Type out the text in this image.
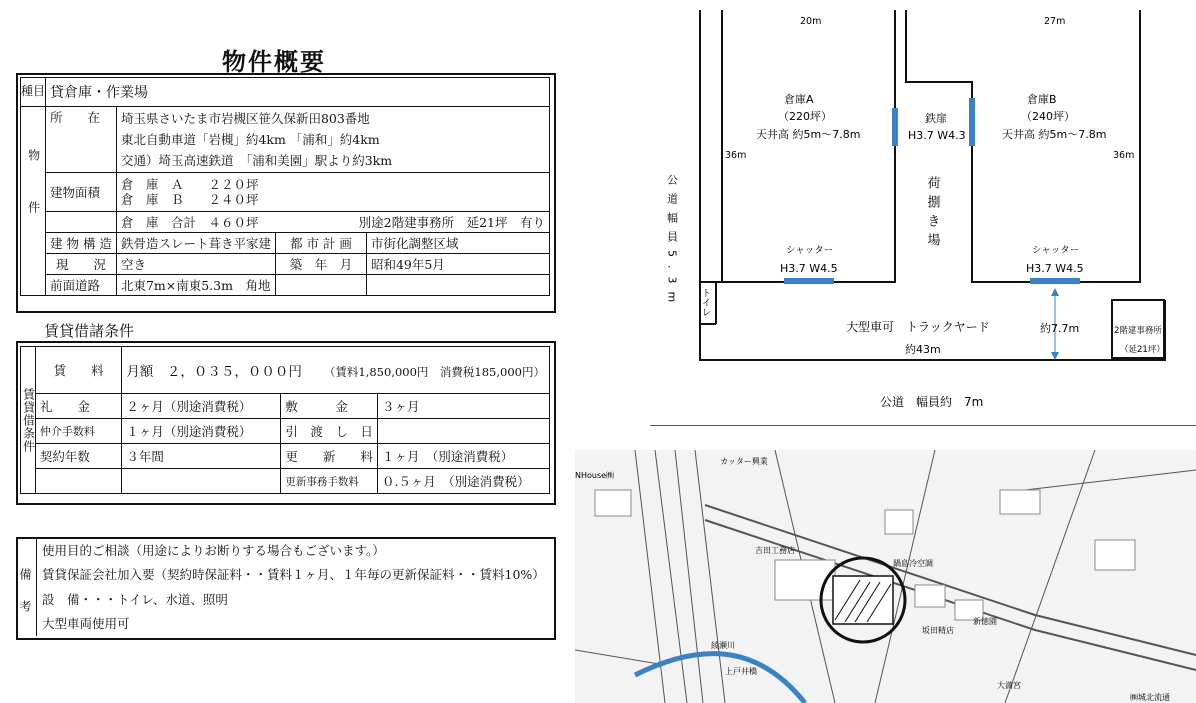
物件概要
種目	貸倉庫・作業場			
物件	所　　在	埼玉県さいたま市岩槻区笹久保新田803番地
東北自動車道「岩槻」約4km 「浦和」約4km
交通）埼玉高速鉄道　「浦和美園」駅より約3km		

	建物面積	倉　庫　Ａ　　２２０坪
倉　庫　Ｂ　　２４０坪		

		倉　庫　合計　４６０坪 別途2階建事務所　延21坪　有り		

	建 物 構 造	鉄骨造スレート葺き平家建	都 市 計 画	市街化調整区域
	現　　況	空き	築　年　月	昭和49年5月
	前面道路	北東7m×南東5.3m　角地		
賃貸借諸条件
賃貸借条件	賃　　料	月額　２，０３５，０００円 （賃料1,850,000円　消費税185,000円）		
	礼　　金	２ヶ月（別途消費税）	敷　　　金	３ヶ月
	仲介手数料	１ヶ月（別途消費税）	引　渡　し　日	
	契約年数	３年間	更　　新　　料	１ヶ月　（別途消費税）
			更新事務手数料	０.５ヶ月　（別途消費税）
備考
使用目的ご相談（用途によりお断りする場合もございます。）
賃貸保証会社加入要（契約時保証料・・賃料１ヶ月、１年毎の更新保証料・・賃料10%）
設　備・・・トイレ、水道、照明
大型車両使用可
20m	27m
36m	36m
倉庫A
（220坪）
天井高 約5m～7.8m
倉庫B
（240坪）
天井高 約5m～7.8m
鉄扉
H3.7 W4.3
荷捌き場
シャッター
H3.7 W4.5
シャッター
H3.7 W4.5
トイレ
公道幅員5.3m
大型車可　トラックヤード
約43m
約7.7m	2階建事務所
（延21坪）
公道　幅員約　7m
NHouse㈱
カッター興業
吉田工務店
鍋島冷空調
新徳園
坂田精店
綾瀬川
上戸井橋
大満宮
㈱城北流通
